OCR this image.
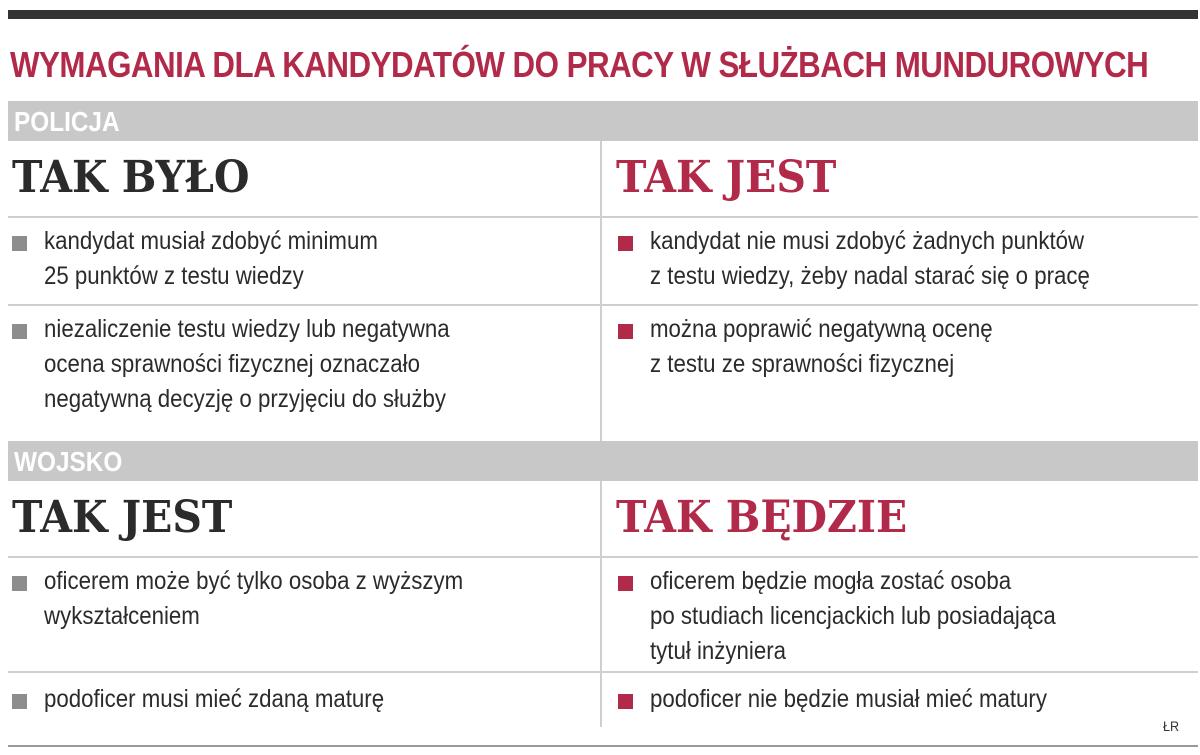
WYMAGANIA DLA KANDYDATÓW DO PRACY W SŁUŻBACH MUNDUROWYCH
POLICJA
TAK BYŁO	TAK JEST
kandydat musiał zdobyć minimum
25 punktów z testu wiedzy
niezaliczenie testu wiedzy lub negatywna
ocena sprawności fizycznej oznaczało
negatywną decyzję o przyjęciu do służby
kandydat nie musi zdobyć żadnych punktów
z testu wiedzy, żeby nadal starać się o pracę
można poprawić negatywną ocenę
z testu ze sprawności fizycznej
WOJSKO
TAK JEST	TAK BĘDZIE
oficerem może być tylko osoba z wyższym
wykształceniem
podoficer musi mieć zdaną maturę
oficerem będzie mogła zostać osoba
po studiach licencjackich lub posiadająca
tytuł inżyniera
podoficer nie będzie musiał mieć matury
ŁR
